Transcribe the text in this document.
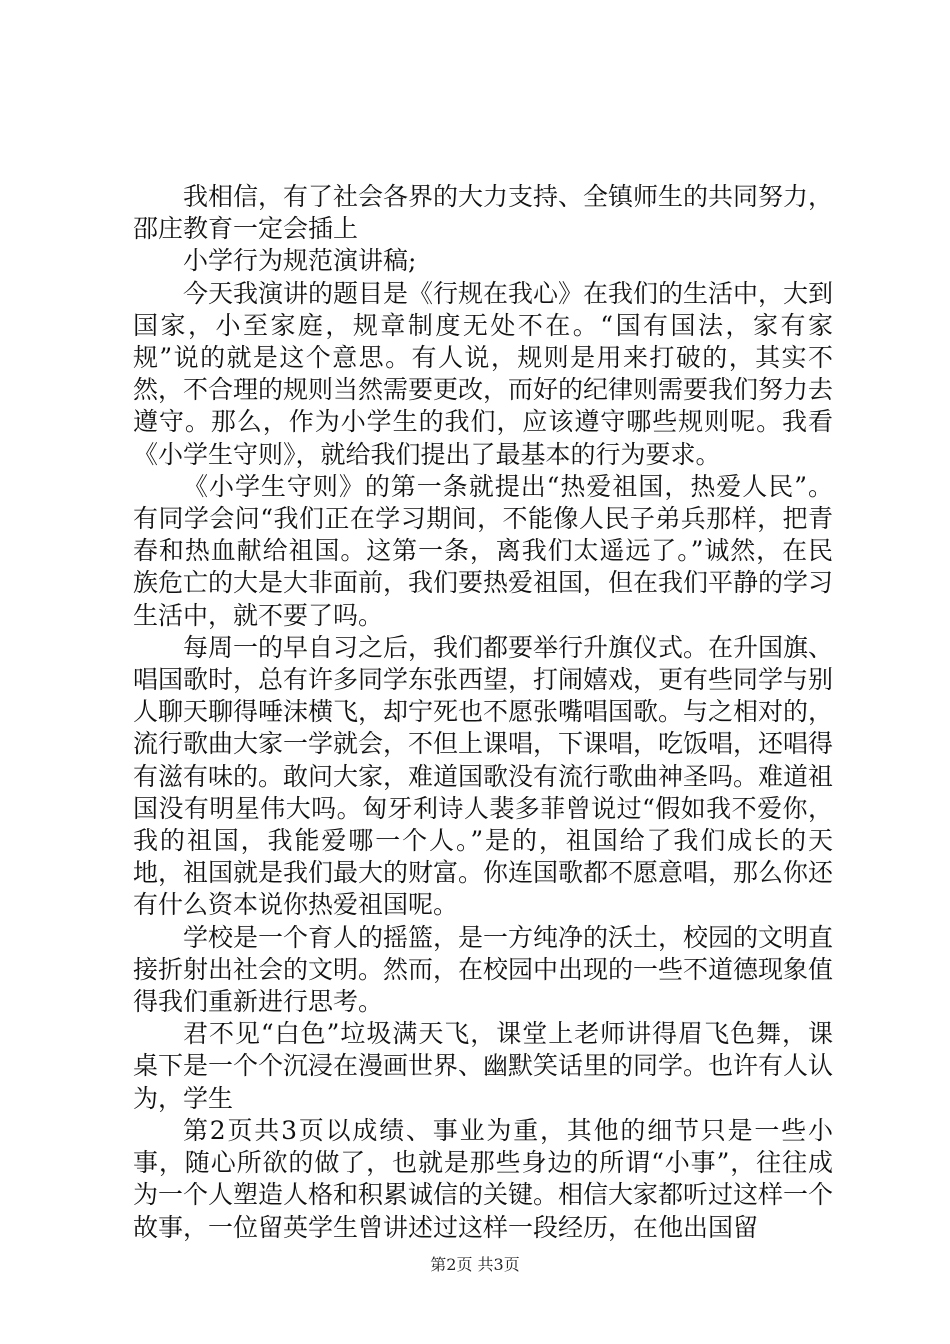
我相信，有了社会各界的大力支持、全镇师生的共同努力，邵庄教育一定会插上

小学行为规范演讲稿;

今天我演讲的题目是《行规在我心》在我们的生活中，大到国家，小至家庭，规章制度无处不在。“国有国法，家有家规”说的就是这个意思。有人说，规则是用来打破的，其实不然，不合理的规则当然需要更改，而好的纪律则需要我们努力去遵守。那么，作为小学生的我们，应该遵守哪些规则呢。我看《小学生守则》，就给我们提出了最基本的行为要求。

《小学生守则》的第一条就提出“热爱祖国，热爱人民”。有同学会问“我们正在学习期间，不能像人民子弟兵那样，把青春和热血献给祖国。这第一条，离我们太遥远了。”诚然，在民族危亡的大是大非面前，我们要热爱祖国，但在我们平静的学习生活中，就不要了吗。

每周一的早自习之后，我们都要举行升旗仪式。在升国旗、唱国歌时，总有许多同学东张西望，打闹嬉戏，更有些同学与别人聊天聊得唾沫横飞，却宁死也不愿张嘴唱国歌。与之相对的，流行歌曲大家一学就会，不但上课唱，下课唱，吃饭唱，还唱得有滋有味的。敢问大家，难道国歌没有流行歌曲神圣吗。难道祖国没有明星伟大吗。匈牙利诗人裴多菲曾说过“假如我不爱你，我的祖国，我能爱哪一个人。”是的，祖国给了我们成长的天地，祖国就是我们最大的财富。你连国歌都不愿意唱，那么你还有什么资本说你热爱祖国呢。

学校是一个育人的摇篮，是一方纯净的沃土，校园的文明直接折射出社会的文明。然而，在校园中出现的一些不道德现象值得我们重新进行思考。

君不见“白色”垃圾满天飞，课堂上老师讲得眉飞色舞，课桌下是一个个沉浸在漫画世界、幽默笑话里的同学。也许有人认为，学生

第2页共3页以成绩、事业为重，其他的细节只是一些小事，随心所欲的做了，也就是那些身边的所谓“小事”，往往成为一个人塑造人格和积累诚信的关键。相信大家都听过这样一个故事，一位留英学生曾讲述过这样一段经历，在他出国留

第2页 共3页
